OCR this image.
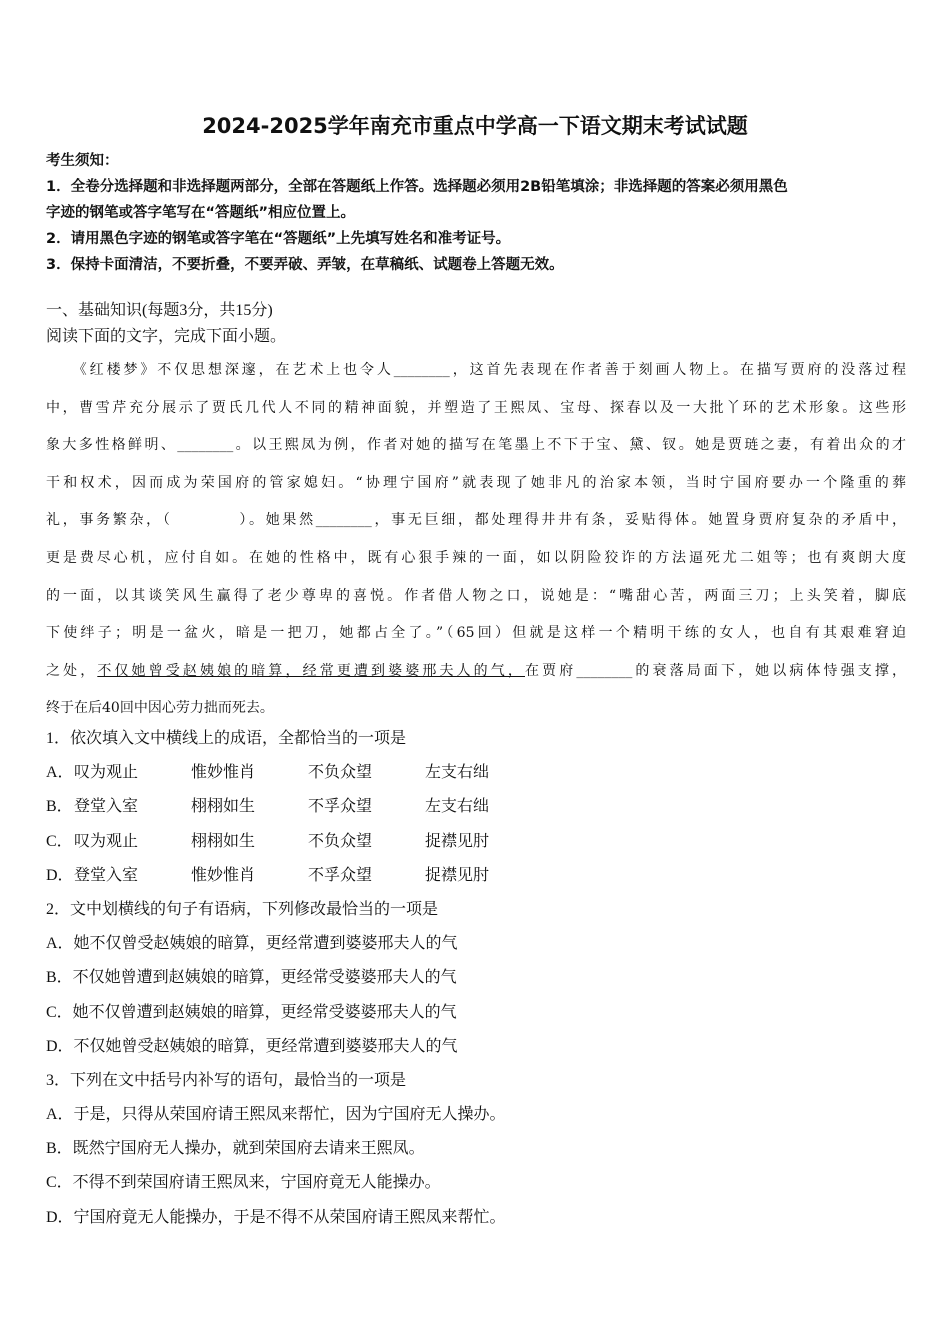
2024-2025学年南充市重点中学高一下语文期末考试试题
考生须知：
1．全卷分选择题和非选择题两部分，全部在答题纸上作答。选择题必须用2B铅笔填涂；非选择题的答案必须用黑色
字迹的钢笔或答字笔写在“答题纸”相应位置上。
2．请用黑色字迹的钢笔或答字笔在“答题纸”上先填写姓名和准考证号。
3．保持卡面清洁，不要折叠，不要弄破、弄皱，在草稿纸、试题卷上答题无效。
一、基础知识(每题3分，共15分)
阅读下面的文字，完成下面小题。
　　《红楼梦》不仅思想深邃，在艺术上也令人________，这首先表现在作者善于刻画人物上。在描写贾府的没落过程
中，曹雪芹充分展示了贾氏几代人不同的精神面貌，并塑造了王熙凤、宝母、探春以及一大批丫环的艺术形象。这些形
象大多性格鲜明、________。以王熙凤为例，作者对她的描写在笔墨上不下于宝、黛、钗。她是贾琏之妻，有着出众的才
干和权术，因而成为荣国府的管家媳妇。“协理宁国府”就表现了她非凡的治家本领，当时宁国府要办一个隆重的葬
礼，事务繁杂，（　　　　）。她果然________，事无巨细，都处理得井井有条，妥贴得体。她置身贾府复杂的矛盾中，
更是费尽心机，应付自如。在她的性格中，既有心狠手辣的一面，如以阴险狡诈的方法逼死尤二姐等；也有爽朗大度
的一面，以其谈笑风生赢得了老少尊卑的喜悦。作者借人物之口，说她是：“嘴甜心苦，两面三刀；上头笑着，脚底
下使绊子；明是一盆火，暗是一把刀，她都占全了。”（65回）但就是这样一个精明干练的女人，也自有其艰难窘迫
之处，不仅她曾受赵姨娘的暗算，经常更遭到婆婆邢夫人的气，在贾府________的衰落局面下，她以病体恃强支撑，
终于在后40回中因心劳力拙而死去。
1．依次填入文中横线上的成语，全都恰当的一项是
A． 叹为观止	惟妙惟肖	不负众望	左支右绌
B． 登堂入室	栩栩如生	不孚众望	左支右绌
C． 叹为观止	栩栩如生	不负众望	捉襟见肘
D． 登堂入室	惟妙惟肖	不孚众望	捉襟见肘
2．文中划横线的句子有语病，下列修改最恰当的一项是
A．她不仅曾受赵姨娘的暗算，更经常遭到婆婆邢夫人的气
B．不仅她曾遭到赵姨娘的暗算，更经常受婆婆邢夫人的气
C．她不仅曾遭到赵姨娘的暗算，更经常受婆婆邢夫人的气
D．不仅她曾受赵姨娘的暗算，更经常遭到婆婆邢夫人的气
3．下列在文中括号内补写的语句，最恰当的一项是
A．于是，只得从荣国府请王熙凤来帮忙，因为宁国府无人操办。
B．既然宁国府无人操办，就到荣国府去请来王熙凤。
C．不得不到荣国府请王熙凤来，宁国府竟无人能操办。
D．宁国府竟无人能操办，于是不得不从荣国府请王熙凤来帮忙。
